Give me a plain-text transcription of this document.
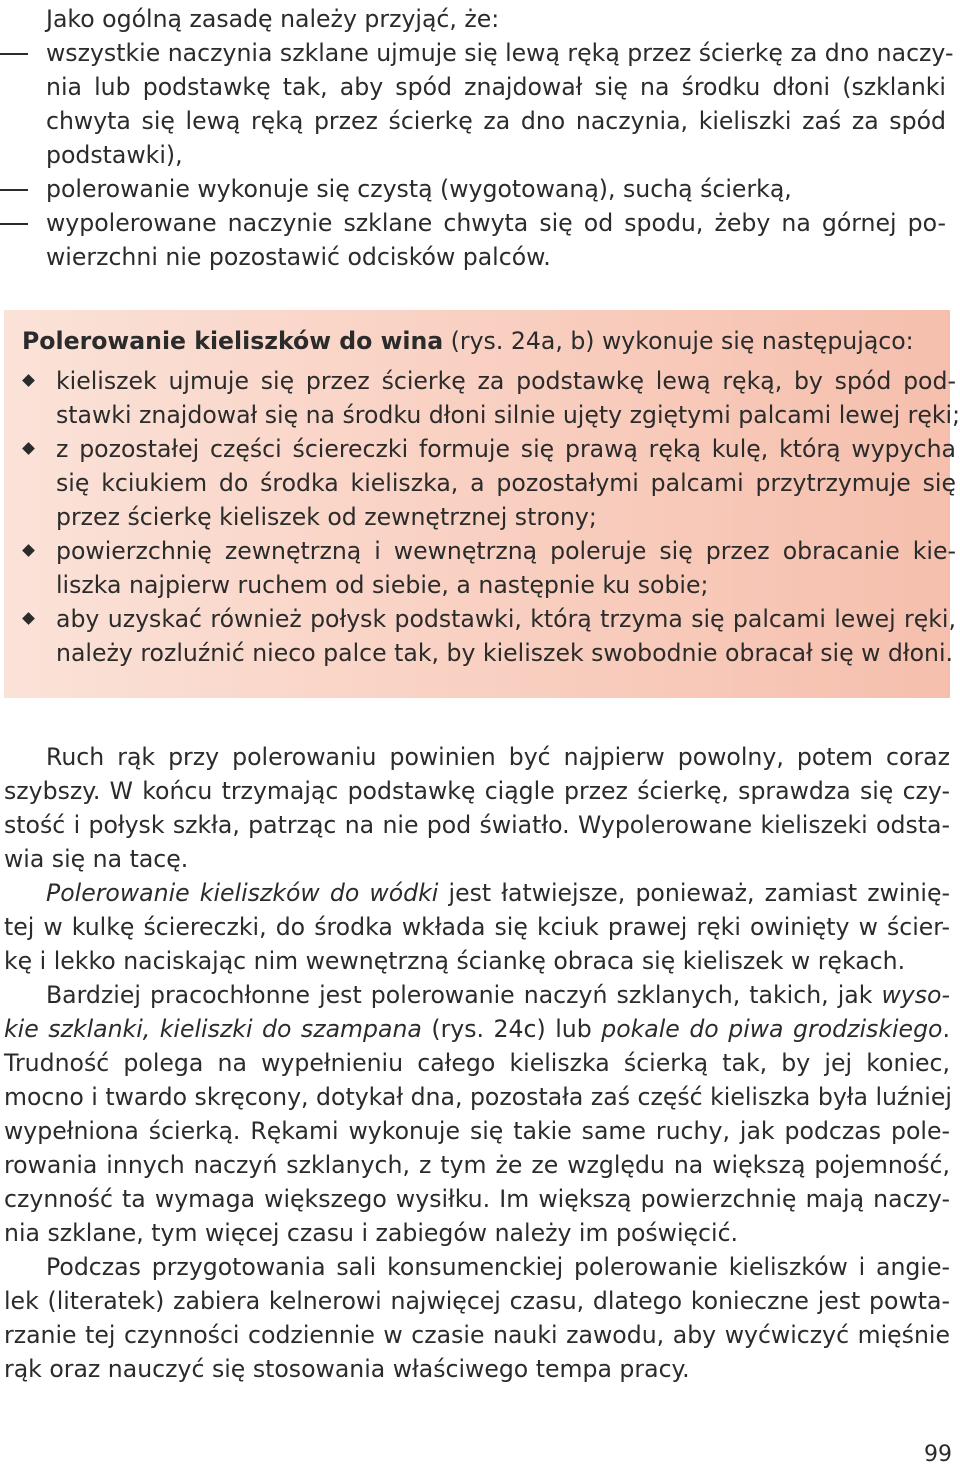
Jako ogólną zasadę należy przyjąć, że:
wszystkie naczynia szklane ujmuje się lewą ręką przez ścierkę za dno naczy-
nia lub podstawkę tak, aby spód znajdował się na środku dłoni (szklanki
chwyta się lewą ręką przez ścierkę za dno naczynia, kieliszki zaś za spód
podstawki),
polerowanie wykonuje się czystą (wygotowaną), suchą ścierką,
wypolerowane naczynie szklane chwyta się od spodu, żeby na górnej po-
wierzchni nie pozostawić odcisków palców.
Polerowanie kieliszków do wina (rys. 24a, b) wykonuje się następująco:
kieliszek ujmuje się przez ścierkę za podstawkę lewą ręką, by spód pod-
stawki znajdował się na środku dłoni silnie ujęty zgiętymi palcami lewej ręki;
z pozostałej części ściereczki formuje się prawą ręką kulę, którą wypycha
się kciukiem do środka kieliszka, a pozostałymi palcami przytrzymuje się
przez ścierkę kieliszek od zewnętrznej strony;
powierzchnię zewnętrzną i wewnętrzną poleruje się przez obracanie kie-
liszka najpierw ruchem od siebie, a następnie ku sobie;
aby uzyskać również połysk podstawki, którą trzyma się palcami lewej ręki,
należy rozluźnić nieco palce tak, by kieliszek swobodnie obracał się w dłoni.
Ruch rąk przy polerowaniu powinien być najpierw powolny, potem coraz
szybszy. W końcu trzymając podstawkę ciągle przez ścierkę, sprawdza się czy-
stość i połysk szkła, patrząc na nie pod światło. Wypolerowane kieliszeki odsta-
wia się na tacę.
Polerowanie kieliszków do wódki jest łatwiejsze, ponieważ, zamiast zwinię-
tej w kulkę ściereczki, do środka wkłada się kciuk prawej ręki owinięty w ścier-
kę i lekko naciskając nim wewnętrzną ściankę obraca się kieliszek w rękach.
Bardziej pracochłonne jest polerowanie naczyń szklanych, takich, jak wyso-
kie szklanki, kieliszki do szampana (rys. 24c) lub pokale do piwa grodziskiego.
Trudność polega na wypełnieniu całego kieliszka ścierką tak, by jej koniec,
mocno i twardo skręcony, dotykał dna, pozostała zaś część kieliszka była luźniej
wypełniona ścierką. Rękami wykonuje się takie same ruchy, jak podczas pole-
rowania innych naczyń szklanych, z tym że ze względu na większą pojemność,
czynność ta wymaga większego wysiłku. Im większą powierzchnię mają naczy-
nia szklane, tym więcej czasu i zabiegów należy im poświęcić.
Podczas przygotowania sali konsumenckiej polerowanie kieliszków i angie-
lek (literatek) zabiera kelnerowi najwięcej czasu, dlatego konieczne jest powta-
rzanie tej czynności codziennie w czasie nauki zawodu, aby wyćwiczyć mięśnie
rąk oraz nauczyć się stosowania właściwego tempa pracy.
99
